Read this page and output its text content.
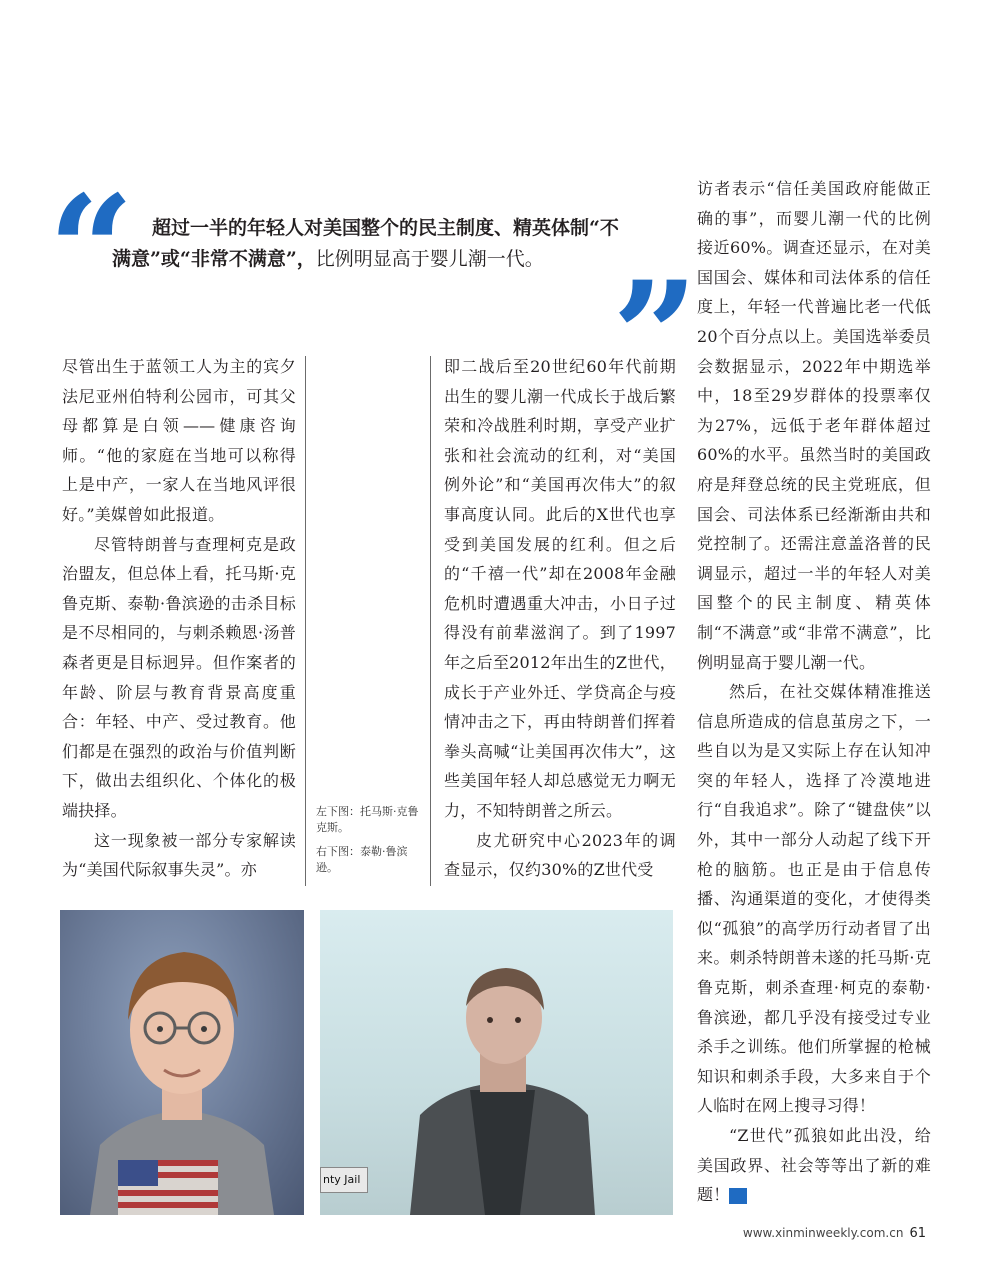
“	”
超过一半的年轻人对美国整个的民主制度、精英体制“不
满意”或“非常不满意”，比例明显高于婴儿潮一代。

尽管出生于蓝领工人为主的宾夕法尼亚州伯特利公园市，可其父母都算是白领——健康咨询师。“他的家庭在当地可以称得上是中产，一家人在当地风评很好。”美媒曾如此报道。

尽管特朗普与查理柯克是政治盟友，但总体上看，托马斯·克鲁克斯、泰勒·鲁滨逊的击杀目标是不尽相同的，与刺杀赖恩·汤普森者更是目标迥异。但作案者的年龄、阶层与教育背景高度重合：年轻、中产、受过教育。他们都是在强烈的政治与价值判断下，做出去组织化、个体化的极端抉择。

这一现象被一部分专家解读为“美国代际叙事失灵”。亦

左下图：托马斯·克鲁克斯。

右下图：泰勒·鲁滨逊。

即二战后至20世纪60年代前期出生的婴儿潮一代成长于战后繁荣和冷战胜利时期，享受产业扩张和社会流动的红利，对“美国例外论”和“美国再次伟大”的叙事高度认同。此后的X世代也享受到美国发展的红利。但之后的“千禧一代”却在2008年金融危机时遭遇重大冲击，小日子过得没有前辈滋润了。到了1997年之后至2012年出生的Z世代，成长于产业外迁、学贷高企与疫情冲击之下，再由特朗普们挥着拳头高喊“让美国再次伟大”，这些美国年轻人却总感觉无力啊无力，不知特朗普之所云。

皮尤研究中心2023年的调查显示，仅约30%的Z世代受

访者表示“信任美国政府能做正确的事”，而婴儿潮一代的比例接近60%。调查还显示，在对美国国会、媒体和司法体系的信任度上，年轻一代普遍比老一代低20个百分点以上。美国选举委员会数据显示，2022年中期选举中，18至29岁群体的投票率仅为27%，远低于老年群体超过60%的水平。虽然当时的美国政府是拜登总统的民主党班底，但国会、司法体系已经渐渐由共和党控制了。还需注意盖洛普的民调显示，超过一半的年轻人对美国整个的民主制度、精英体制“不满意”或“非常不满意”，比例明显高于婴儿潮一代。

然后，在社交媒体精准推送信息所造成的信息茧房之下，一些自以为是又实际上存在认知冲突的年轻人，选择了冷漠地进行“自我追求”。除了“键盘侠”以外，其中一部分人动起了线下开枪的脑筋。也正是由于信息传播、沟通渠道的变化，才使得类似“孤狼”的高学历行动者冒了出来。刺杀特朗普未遂的托马斯·克鲁克斯，刺杀查理·柯克的泰勒·鲁滨逊，都几乎没有接受过专业杀手之训练。他们所掌握的枪械知识和刺杀手段，大多来自于个人临时在网上搜寻习得！

“Z世代”孤狼如此出没，给美国政界、社会等等出了新的难题！	民

nty Jail
www.xinminweekly.com.cn 61
